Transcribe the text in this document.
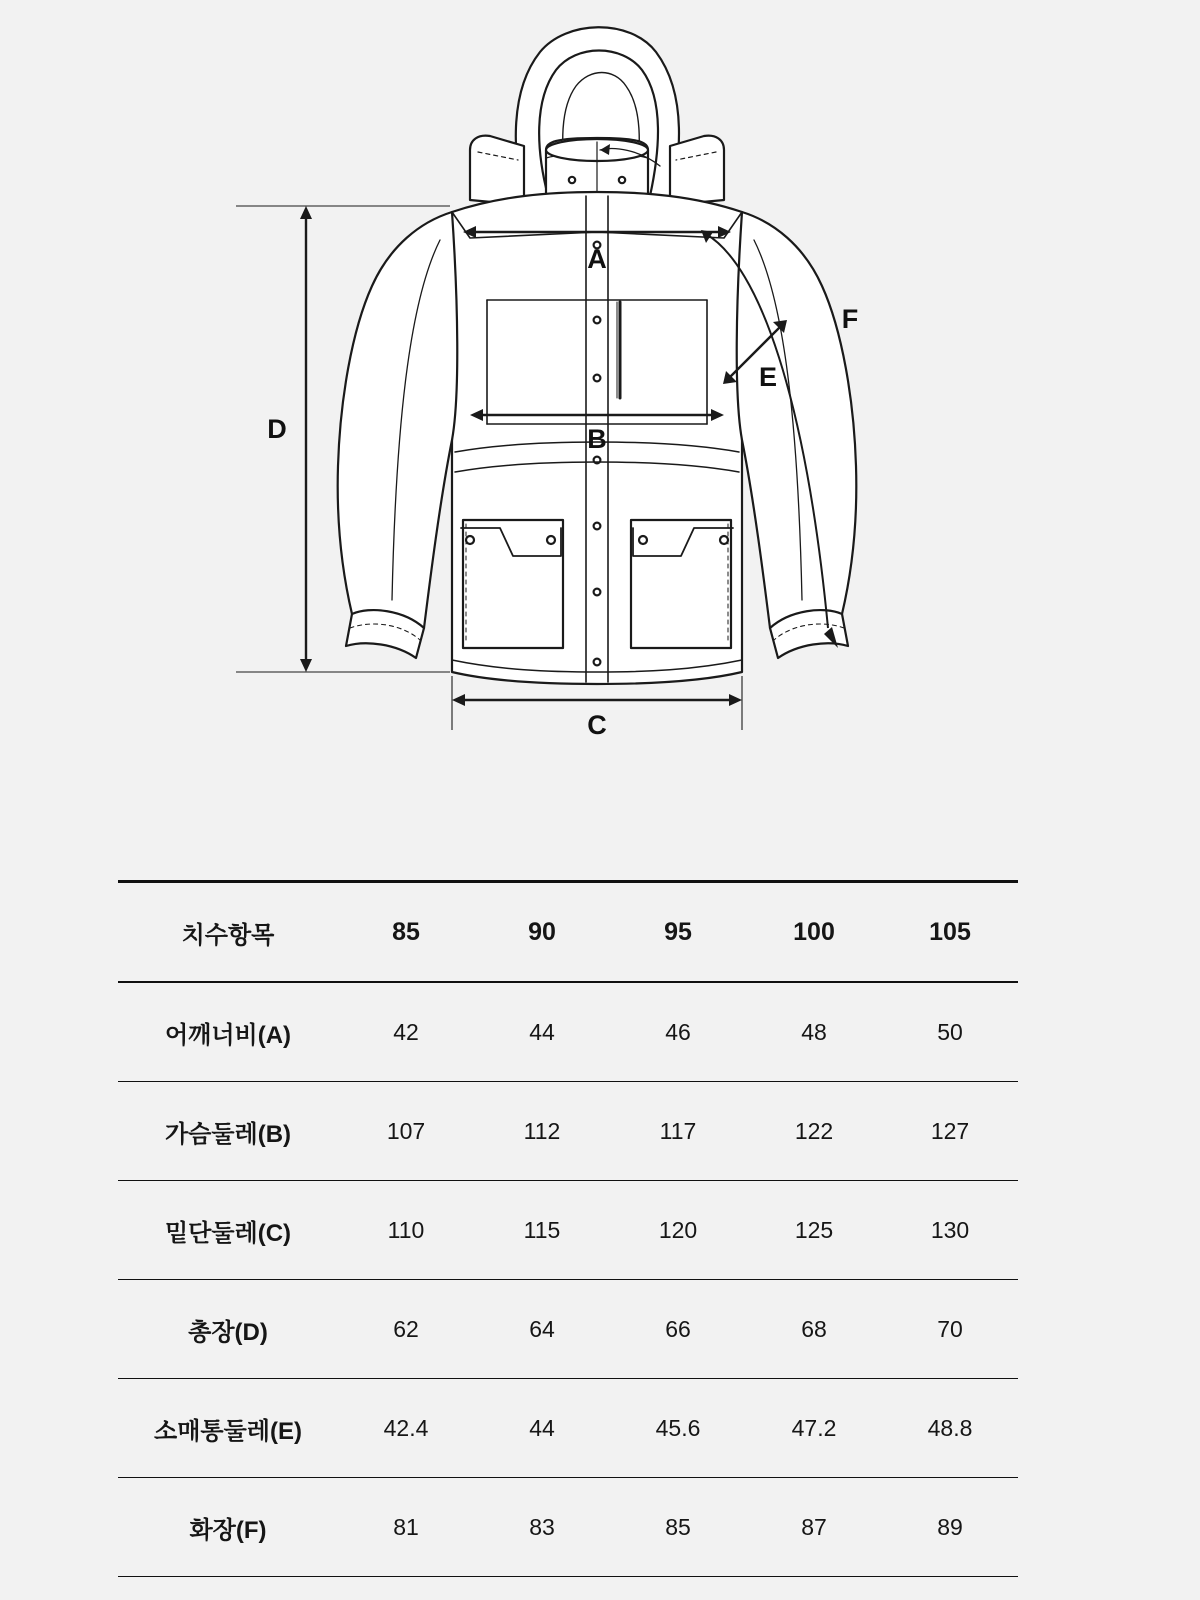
A
B
C
D
E
F
치수항목	85	90	95	100	105
어깨너비(A)	42	44	46	48	50
가슴둘레(B)	107	112	117	122	127
밑단둘레(C)	110	115	120	125	130
총장(D)	62	64	66	68	70
소매통둘레(E)	42.4	44	45.6	47.2	48.8
화장(F)	81	83	85	87	89
